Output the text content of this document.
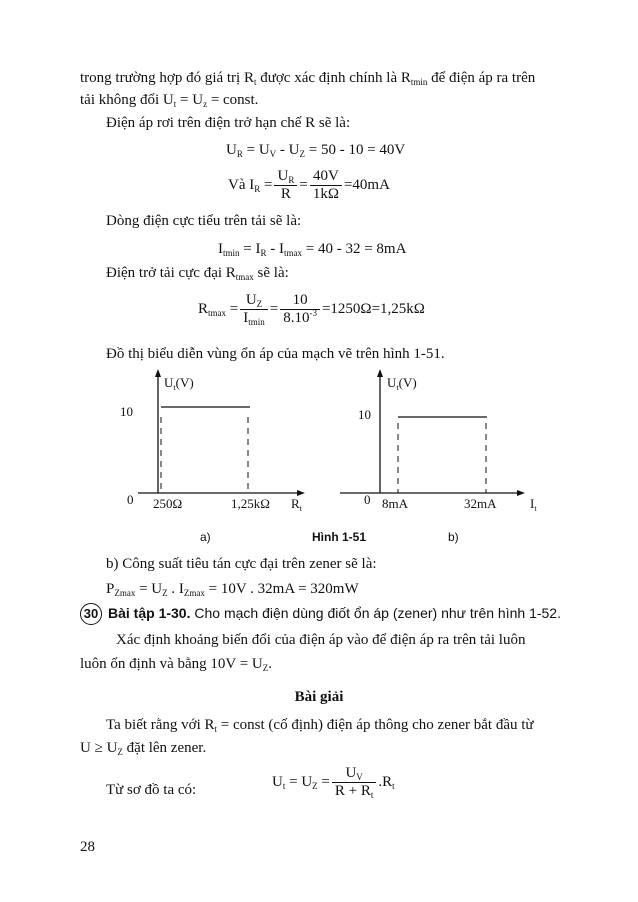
trong trường hợp đó giá trị $R_t$ được xác định chính là $R_{tmin}$ để điện áp ra trên
tải không đổi $U_t = U_z$ = const.
Điện áp rơi trên điện trở hạn chế R sẽ là:
$U_R = U_V - U_Z = 50 - 10 = 40V$
Và $I_R = \frac{U_R}{R} = \frac{40V}{1k\Omega} =40mA$
Dòng điện cực tiểu trên tải sẽ là:
$I_{tmin} = I_R - I_{tmax} = 40 - 32 = 8mA$
Điện trở tải cực đại $R_{tmax}$ sẽ là:
$R_{tmax} = \frac{U_Z}{I_{tmin}} = \frac{10}{8.10^{-3}} =1250\Omega=1,25k\Omega$
Đồ thị biểu diễn vùng ổn áp của mạch vẽ trên hình 1-51.
$U_t(V)$
10
0 250Ω	1,25kΩ $R_t$
$U_t(V)$
10
0 8mA	32mA	$I_t$
a)	Hình 1-51	b)
b) Công suất tiêu tán cực đại trên zener sẽ là:
$P_{Zmax} = U_Z$ . $I_{Zmax} = 10V$ . 32mA = 320mW
30 Bài tập 1-30. Cho mạch điện dùng điốt ổn áp (zener) như trên hình 1-52.
Xác định khoảng biến đổi của điện áp vào để điện áp ra trên tải luôn
luôn ổn định và bằng $10V = U_Z$.
Bài giải
Ta biết rằng với $R_t$ = const (cố định) điện áp thông cho zener bắt đầu từ
$U \ge U_Z$ đặt lên zener.
Từ sơ đồ ta có:
$U_t = U_Z = \frac{U_V}{R + R_t} .R_t$
28
